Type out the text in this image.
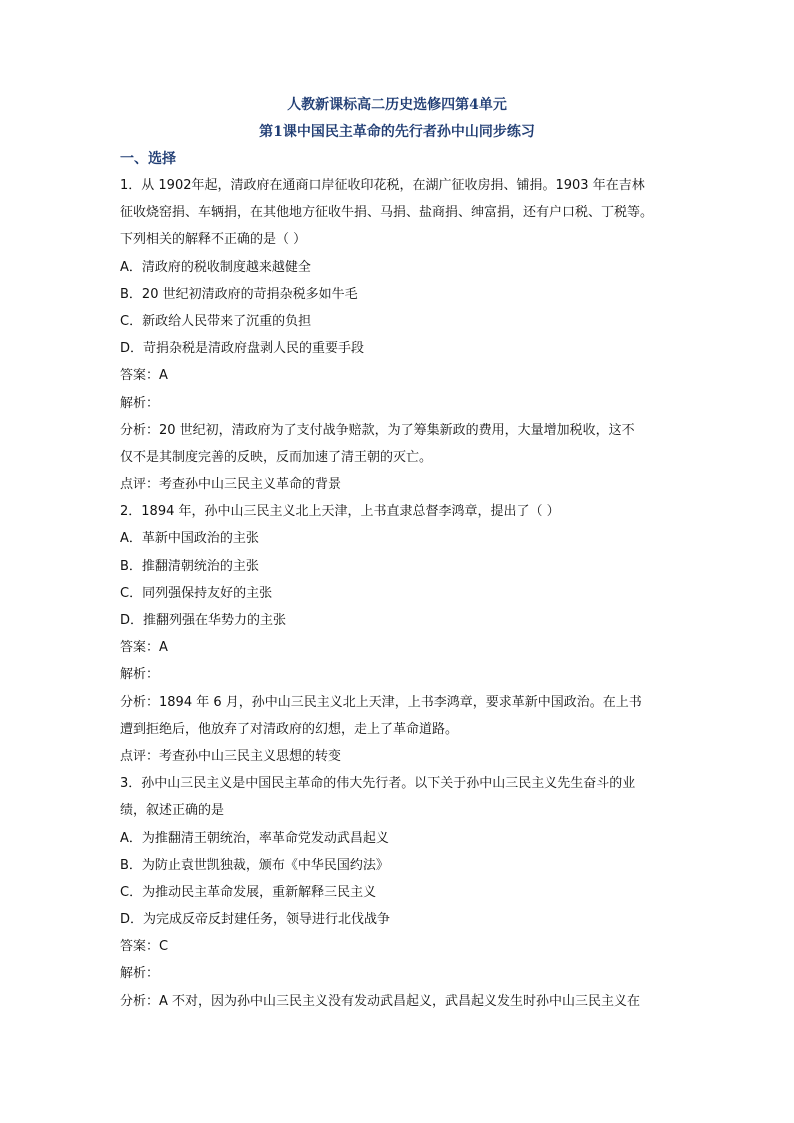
人教新课标高二历史选修四第4单元
第1课中国民主革命的先行者孙中山同步练习
一、选择
1．从 1902年起，清政府在通商口岸征收印花税，在湖广征收房捐、铺捐。1903 年在吉林
征收烧窑捐、车辆捐，在其他地方征收牛捐、马捐、盐商捐、绅富捐，还有户口税、丁税等。
下列相关的解释不正确的是（ ）
A．清政府的税收制度越来越健全
B．20 世纪初清政府的苛捐杂税多如牛毛
C．新政给人民带来了沉重的负担
D．苛捐杂税是清政府盘剥人民的重要手段
答案：A
解析：
分析：20 世纪初，清政府为了支付战争赔款，为了筹集新政的费用，大量增加税收，这不
仅不是其制度完善的反映，反而加速了清王朝的灭亡。
点评：考查孙中山三民主义革命的背景
2．1894 年，孙中山三民主义北上天津，上书直隶总督李鸿章，提出了（ ）
A．革新中国政治的主张
B．推翻清朝统治的主张
C．同列强保持友好的主张
D．推翻列强在华势力的主张
答案：A
解析：
分析：1894 年 6 月，孙中山三民主义北上天津，上书李鸿章，要求革新中国政治。在上书
遭到拒绝后，他放弃了对清政府的幻想，走上了革命道路。
点评：考查孙中山三民主义思想的转变
3．孙中山三民主义是中国民主革命的伟大先行者。以下关于孙中山三民主义先生奋斗的业
绩，叙述正确的是
A．为推翻清王朝统治，率革命党发动武昌起义
B．为防止袁世凯独裁，颁布《中华民国约法》
C．为推动民主革命发展，重新解释三民主义
D．为完成反帝反封建任务，领导进行北伐战争
答案：C
解析：
分析：A 不对，因为孙中山三民主义没有发动武昌起义，武昌起义发生时孙中山三民主义在
